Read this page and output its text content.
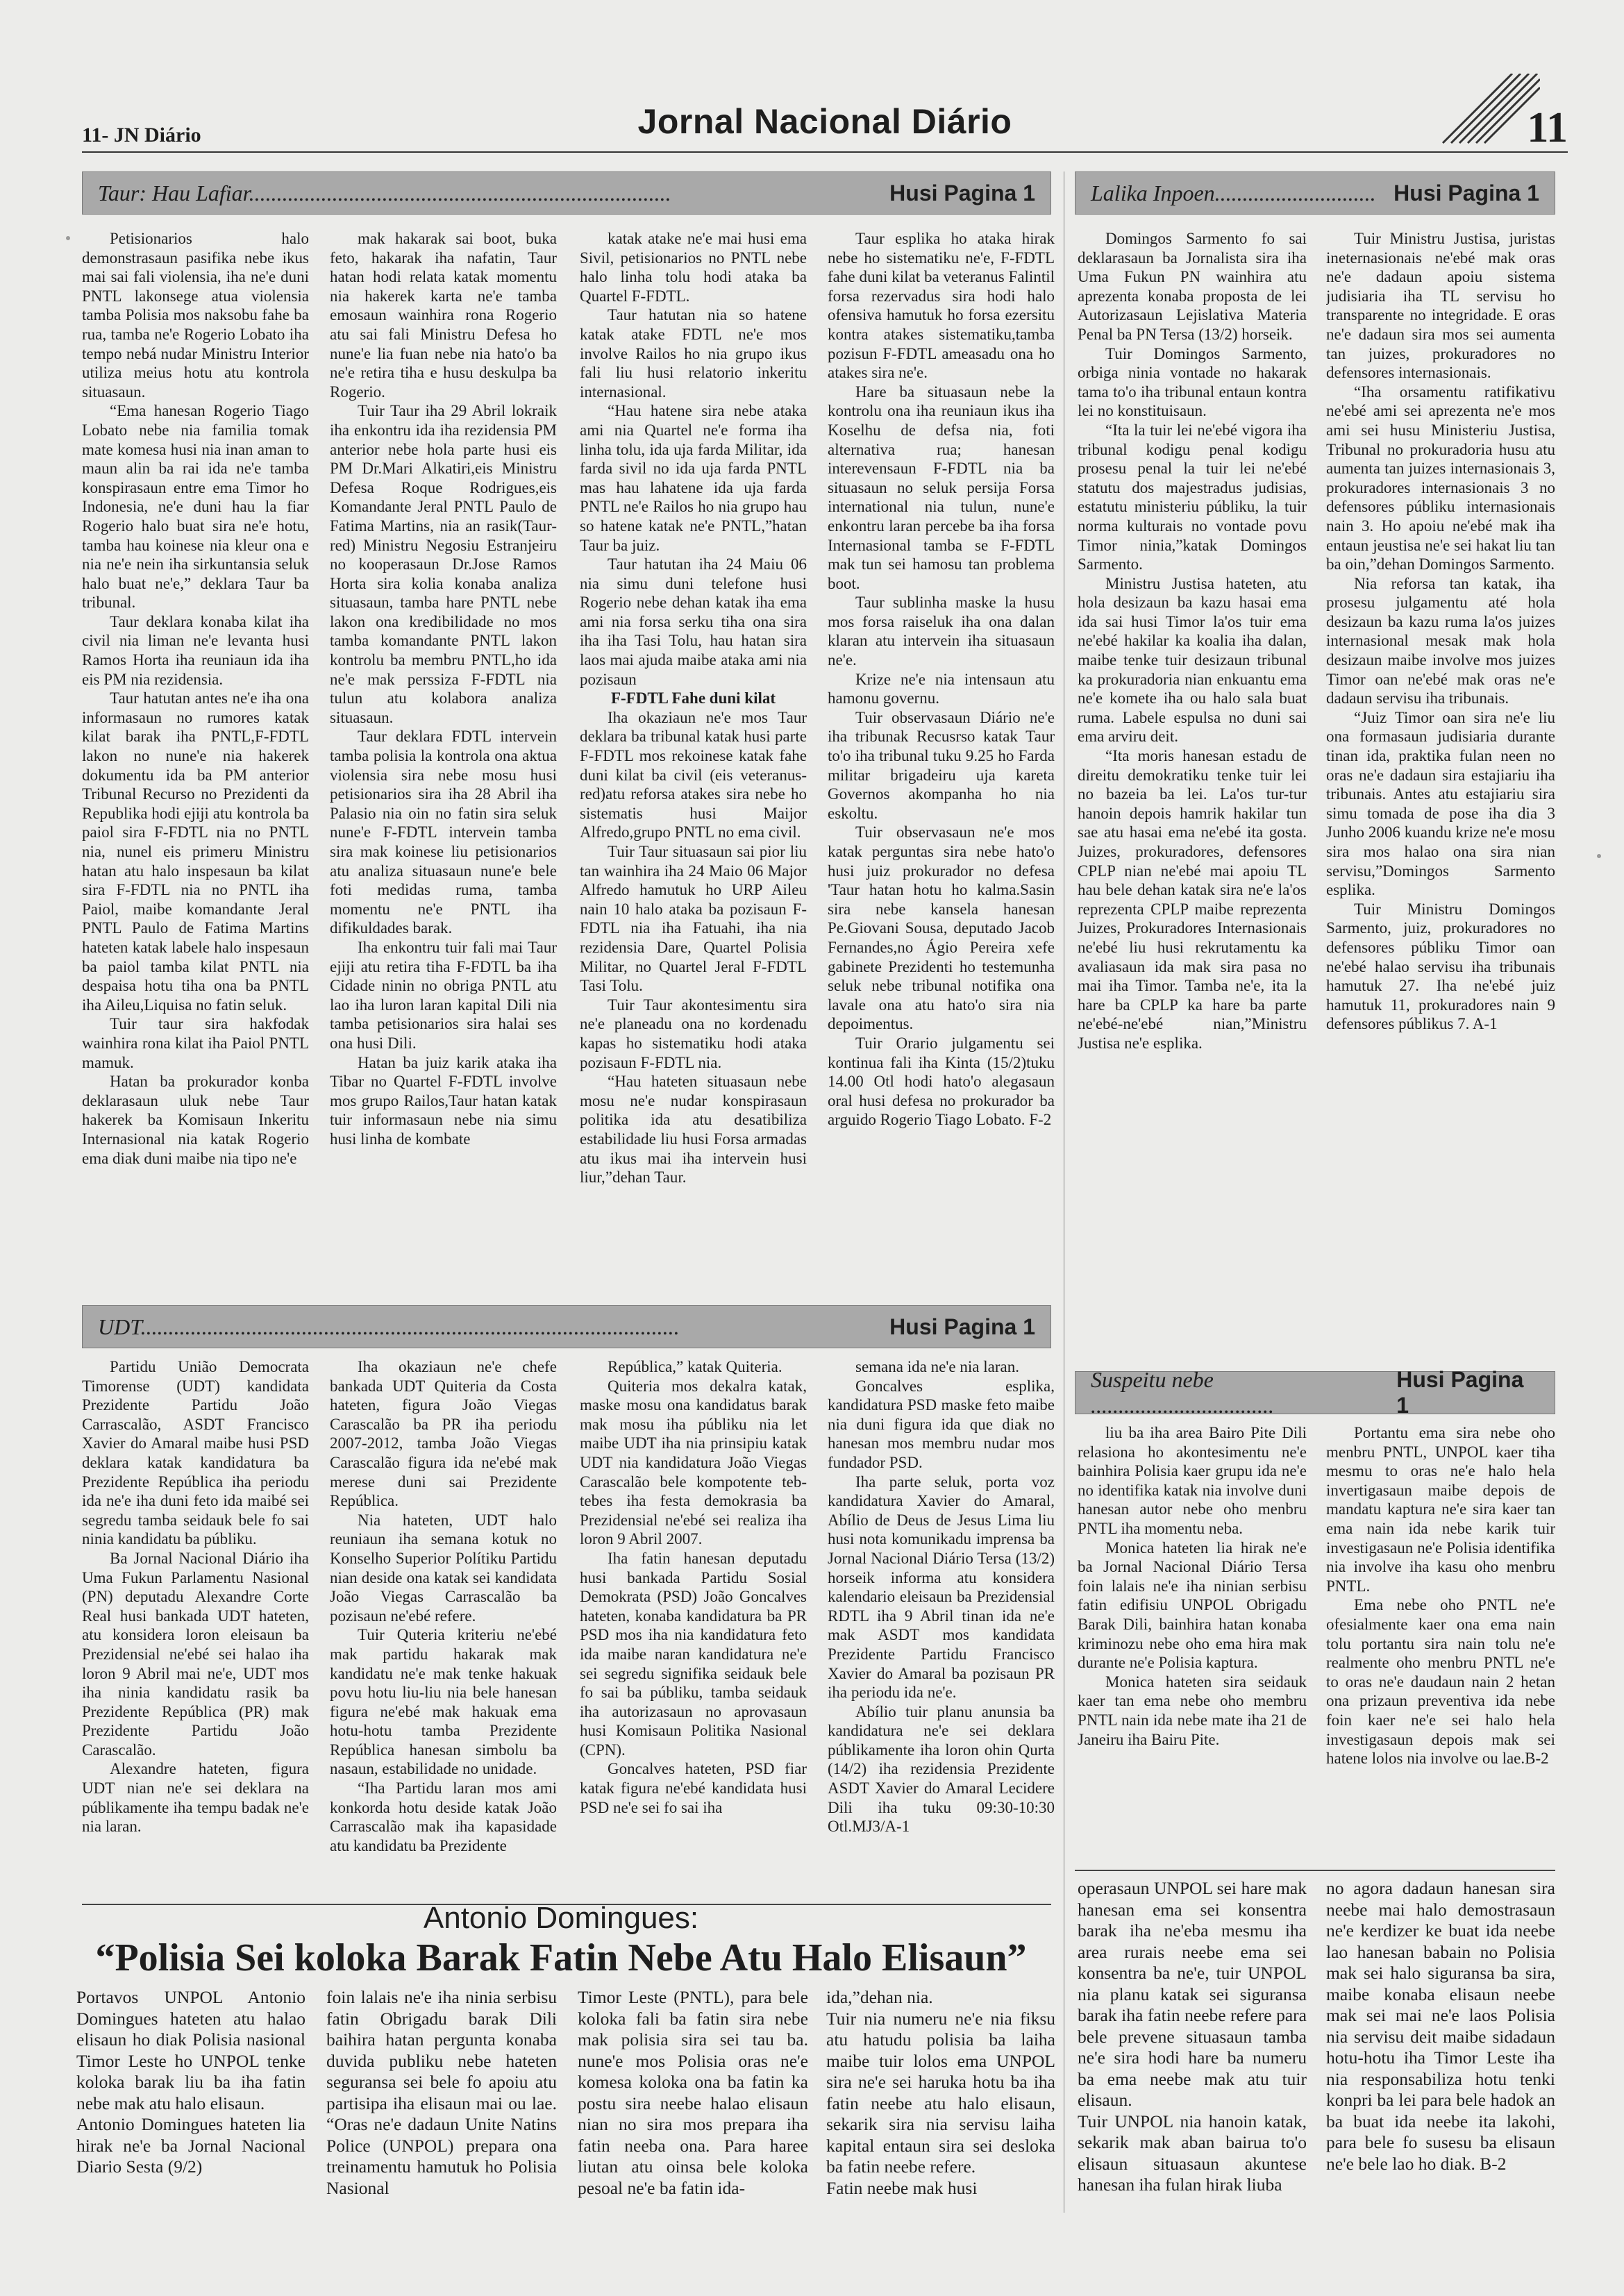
11- JN Diário	Jornal Nacional Diário	11
Taur: Hau Lafiar............................................................................	Husi Pagina 1

Petisionarios halo demonstrasaun pasifika nebe ikus mai sai fali violensia, iha ne'e duni PNTL lakonsege atua violensia tamba Polisia mos naksobu fahe ba rua, tamba ne'e Rogerio Lobato iha tempo nebá nudar Ministru Interior utiliza meius hotu atu kontrola situasaun.

“Ema hanesan Rogerio Tiago Lobato nebe nia familia tomak mate komesa husi nia inan aman to maun alin ba rai ida ne'e tamba konspirasaun entre ema Timor ho Indonesia, ne'e duni hau la fiar Rogerio halo buat sira ne'e hotu, tamba hau koinese nia kleur ona e nia ne'e nein iha sirkuntansia seluk halo buat ne'e,” deklara Taur ba tribunal.

Taur deklara konaba kilat iha civil nia liman ne'e levanta husi Ramos Horta iha reuniaun ida iha eis PM nia rezidensia.

Taur hatutan antes ne'e iha ona informasaun no rumores katak kilat barak iha PNTL,F-FDTL lakon no nune'e nia hakerek dokumentu ida ba PM anterior Tribunal Recurso no Prezidenti da Republika hodi ejiji atu kontrola ba paiol sira F-FDTL nia no PNTL nia, nunel eis primeru Ministru hatan atu halo inspesaun ba kilat sira F-FDTL nia no PNTL iha Paiol, maibe komandante Jeral PNTL Paulo de Fatima Martins hateten katak labele halo inspesaun ba paiol tamba kilat PNTL nia despaisa hotu tiha ona ba PNTL iha Aileu,Liquisa no fatin seluk.

Tuir taur sira hakfodak wainhira rona kilat iha Paiol PNTL mamuk.

Hatan ba prokurador konba deklarasaun uluk nebe Taur hakerek ba Komisaun Inkeritu Internasional nia katak Rogerio ema diak duni maibe nia tipo ne'e

mak hakarak sai boot, buka feto, hakarak iha nafatin, Taur hatan hodi relata katak momentu nia hakerek karta ne'e tamba emosaun wainhira rona Rogerio atu sai fali Ministru Defesa ho nune'e lia fuan nebe nia hato'o ba ne'e retira tiha e husu deskulpa ba Rogerio.

Tuir Taur iha 29 Abril lokraik iha enkontru ida iha rezidensia PM anterior nebe hola parte husi eis PM Dr.Mari Alkatiri,eis Ministru Defesa Roque Rodrigues,eis Komandante Jeral PNTL Paulo de Fatima Martins, nia an rasik(Taur-red) Ministru Negosiu Estranjeiru no kooperasaun Dr.Jose Ramos Horta sira kolia konaba analiza situasaun, tamba hare PNTL nebe lakon ona kredibilidade no mos tamba komandante PNTL lakon kontrolu ba membru PNTL,ho ida ne'e mak perssiza F-FDTL nia tulun atu kolabora analiza situasaun.

Taur deklara FDTL intervein tamba polisia la kontrola ona aktua violensia sira nebe mosu husi petisionarios sira iha 28 Abril iha Palasio nia oin no fatin sira seluk nune'e F-FDTL intervein tamba sira mak koinese liu petisionarios atu analiza situasaun nune'e bele foti medidas ruma, tamba momentu ne'e PNTL iha difikuldades barak.

Iha enkontru tuir fali mai Taur ejiji atu retira tiha F-FDTL ba iha Cidade ninin no obriga PNTL atu lao iha luron laran kapital Dili nia tamba petisionarios sira halai ses ona husi Dili.

Hatan ba juiz karik ataka iha Tibar no Quartel F-FDTL involve mos grupo Railos,Taur hatan katak tuir informasaun nebe nia simu husi linha de kombate

katak atake ne'e mai husi ema Sivil, petisionarios no PNTL nebe halo linha tolu hodi ataka ba Quartel F-FDTL.

Taur hatutan nia so hatene katak atake FDTL ne'e mos involve Railos ho nia grupo ikus fali liu husi relatorio inkeritu internasional.

“Hau hatene sira nebe ataka ami nia Quartel ne'e forma iha linha tolu, ida uja farda Militar, ida farda sivil no ida uja farda PNTL mas hau lahatene ida uja farda PNTL ne'e Railos ho nia grupo hau so hatene katak ne'e PNTL,”hatan Taur ba juiz.

Taur hatutan iha 24 Maiu 06 nia simu duni telefone husi Rogerio nebe dehan katak iha ema ami nia forsa serku tiha ona sira iha iha Tasi Tolu, hau hatan sira laos mai ajuda maibe ataka ami nia pozisaun

F-FDTL Fahe duni kilat

Iha okaziaun ne'e mos Taur deklara ba tribunal katak husi parte F-FDTL mos rekoinese katak fahe duni kilat ba civil (eis veteranus-red)atu reforsa atakes sira nebe ho sistematis husi Maijor Alfredo,grupo PNTL no ema civil.

Tuir Taur situasaun sai pior liu tan wainhira iha 24 Maio 06 Major Alfredo hamutuk ho URP Aileu nain 10 halo ataka ba pozisaun F-FDTL nia iha Fatuahi, iha nia rezidensia Dare, Quartel Polisia Militar, no Quartel Jeral F-FDTL Tasi Tolu.

Tuir Taur akontesimentu sira ne'e planeadu ona no kordenadu kapas ho sistematiku hodi ataka pozisaun F-FDTL nia.

“Hau hateten situasaun nebe mosu ne'e nudar konspirasaun politika ida atu desatibiliza estabilidade liu husi Forsa armadas atu ikus mai iha intervein husi liur,”dehan Taur.

Taur esplika ho ataka hirak nebe ho sistematiku ne'e, F-FDTL fahe duni kilat ba veteranus Falintil forsa rezervadus sira hodi halo ofensiva hamutuk ho forsa ezersitu kontra atakes sistematiku,tamba pozisun F-FDTL ameasadu ona ho atakes sira ne'e.

Hare ba situasaun nebe la kontrolu ona iha reuniaun ikus iha Koselhu de defsa nia, foti alternativa rua; hanesan interevensaun F-FDTL nia ba situasaun no seluk persija Forsa international nia tulun, nune'e enkontru laran percebe ba iha forsa Internasional tamba se F-FDTL mak tun sei hamosu tan problema boot.

Taur sublinha maske la husu mos forsa raiseluk iha ona dalan klaran atu intervein iha situasaun ne'e.

Krize ne'e nia intensaun atu hamonu governu.

Tuir observasaun Diário ne'e iha tribunak Recusrso katak Taur to'o iha tribunal tuku 9.25 ho Farda militar brigadeiru uja kareta Governos akompanha ho nia eskoltu.

Tuir observasaun ne'e mos katak perguntas sira nebe hato'o husi juiz prokurador no defesa 'Taur hatan hotu ho kalma.Sasin sira nebe kansela hanesan Pe.Giovani Sousa, deputado Jacob Fernandes,no Ágio Pereira xefe gabinete Prezidenti ho testemunha seluk nebe tribunal notifika ona lavale ona atu hato'o sira nia depoimentus.

Tuir Orario julgamentu sei kontinua fali iha Kinta (15/2)tuku 14.00 Otl hodi hato'o alegasaun oral husi defesa no prokurador ba arguido Rogerio Tiago Lobato. F-2

Lalika Inpoen............................. Husi Pagina 1

Domingos Sarmento fo sai deklarasaun ba Jornalista sira iha Uma Fukun PN wainhira atu aprezenta konaba proposta de lei Autorizasaun Lejislativa Materia Penal ba PN Tersa (13/2) horseik.

Tuir Domingos Sarmento, orbiga ninia vontade no hakarak tama to'o iha tribunal entaun kontra lei no konstituisaun.

“Ita la tuir lei ne'ebé vigora iha tribunal kodigu penal kodigu prosesu penal la tuir lei ne'ebé statutu dos majestradus judisias, estatutu ministeriu públiku, la tuir norma kulturais no vontade povu Timor ninia,”katak Domingos Sarmento.

Ministru Justisa hateten, atu hola desizaun ba kazu hasai ema ida sai husi Timor la'os tuir ema ne'ebé hakilar ka koalia iha dalan, maibe tenke tuir desizaun tribunal ka prokuradoria nian enkuantu ema ne'e komete iha ou halo sala buat ruma. Labele espulsa no duni sai ema arviru deit.

“Ita moris hanesan estadu de direitu demokratiku tenke tuir lei no bazeia ba lei. La'os tur-tur hanoin depois hamrik hakilar tun sae atu hasai ema ne'ebé ita gosta. Juizes, prokuradores, defensores CPLP nian ne'ebé mai apoiu TL hau bele dehan katak sira ne'e la'os reprezenta CPLP maibe reprezenta Juizes, Prokuradores Internasionais ne'ebé liu husi rekrutamentu ka avaliasaun ida mak sira pasa no mai iha Timor. Tamba ne'e, ita la hare ba CPLP ka hare ba parte ne'ebé-ne'ebé nian,”Ministru Justisa ne'e esplika.

Tuir Ministru Justisa, juristas ineternasionais ne'ebé mak oras ne'e dadaun apoiu sistema judisiaria iha TL servisu ho transparente no integridade. E oras ne'e dadaun sira mos sei aumenta tan juizes, prokuradores no defensores internasionais.

“Iha orsamentu ratifikativu ne'ebé ami sei aprezenta ne'e mos ami sei husu Ministeriu Justisa, Tribunal no prokuradoria husu atu aumenta tan juizes internasionais 3, prokuradores internasionais 3 no defensores públiku internasionais nain 3. Ho apoiu ne'ebé mak iha entaun jeustisa ne'e sei hakat liu tan ba oin,”dehan Domingos Sarmento.

Nia reforsa tan katak, iha prosesu julgamentu até hola desizaun ba kazu ruma la'os juizes internasional mesak mak hola desizaun maibe involve mos juizes Timor oan ne'ebé mak oras ne'e dadaun servisu iha tribunais.

“Juiz Timor oan sira ne'e liu ona formasaun judisiaria durante tinan ida, praktika fulan neen no oras ne'e dadaun sira estajiariu iha tribunais. Antes atu estajiariu sira simu tomada de pose iha dia 3 Junho 2006 kuandu krize ne'e mosu sira mos halao ona sira nian servisu,”Domingos Sarmento esplika.

Tuir Ministru Domingos Sarmento, juiz, prokuradores no defensores públiku Timor oan ne'ebé halao servisu iha tribunais hamutuk 27. Iha ne'ebé juiz hamutuk 11, prokuradores nain 9 defensores públikus 7. A-1

UDT.................................................................................................	Husi Pagina 1

Partidu União Democrata Timorense (UDT) kandidata Prezidente Partidu João Carrascalão, ASDT Francisco Xavier do Amaral maibe husi PSD deklara katak kandidatura ba Prezidente República iha periodu ida ne'e iha duni feto ida maibé sei segredu tamba seidauk bele fo sai ninia kandidatu ba públiku.

Ba Jornal Nacional Diário iha Uma Fukun Parlamentu Nasional (PN) deputadu Alexandre Corte Real husi bankada UDT hateten, atu konsidera loron eleisaun ba Prezidensial ne'ebé sei halao iha loron 9 Abril mai ne'e, UDT mos iha ninia kandidatu rasik ba Prezidente República (PR) mak Prezidente Partidu João Carascalão.

Alexandre hateten, figura UDT nian ne'e sei deklara na públikamente iha tempu badak ne'e nia laran.

Iha okaziaun ne'e chefe bankada UDT Quiteria da Costa hateten, figura João Viegas Carascalão ba PR iha periodu 2007-2012, tamba João Viegas Carascalão figura ida ne'ebé mak merese duni sai Prezidente República.

Nia hateten, UDT halo reuniaun iha semana kotuk no Konselho Superior Polítiku Partidu nian deside ona katak sei kandidata João Viegas Carrascalão ba pozisaun ne'ebé refere.

Tuir Quteria kriteriu ne'ebé mak partidu hakarak mak kandidatu ne'e mak tenke hakuak povu hotu liu-liu nia bele hanesan figura ne'ebé mak hakuak ema hotu-hotu tamba Prezidente República hanesan simbolu ba nasaun, estabilidade no unidade.

“Iha Partidu laran mos ami konkorda hotu deside katak João Carrascalão mak iha kapasidade atu kandidatu ba Prezidente

República,” katak Quiteria.

Quiteria mos dekalra katak, maske mosu ona kandidatus barak mak mosu iha públiku nia let maibe UDT iha nia prinsipiu katak UDT nia kandidatura João Viegas Carascalão bele kompotente teb-tebes iha festa demokrasia ba Prezidensial ne'ebé sei realiza iha loron 9 Abril 2007.

Iha fatin hanesan deputadu husi bankada Partidu Sosial Demokrata (PSD) João Goncalves hateten, konaba kandidatura ba PR PSD mos iha nia kandidatura feto ida maibe naran kandidatura ne'e sei segredu signifika seidauk bele fo sai ba públiku, tamba seidauk iha autorizasaun no aprovasaun husi Komisaun Politika Nasional (CPN).

Goncalves hateten, PSD fiar katak figura ne'ebé kandidata husi PSD ne'e sei fo sai iha

semana ida ne'e nia laran.

Goncalves esplika, kandidatura PSD maske feto maibe nia duni figura ida que diak no hanesan mos membru nudar mos fundador PSD.

Iha parte seluk, porta voz kandidatura Xavier do Amaral, Abílio de Deus de Jesus Lima liu husi nota komunikadu imprensa ba Jornal Nacional Diário Tersa (13/2) horseik informa atu konsidera kalendario eleisaun ba Prezidensial RDTL iha 9 Abril tinan ida ne'e mak ASDT mos kandidata Prezidente Partidu Francisco Xavier do Amaral ba pozisaun PR iha periodu ida ne'e.

Abílio tuir planu anunsia ba kandidatura ne'e sei deklara públikamente iha loron ohin Qurta (14/2) iha rezidensia Prezidente ASDT Xavier do Amaral Lecidere Dili iha tuku 09:30-10:30 Otl.MJ3/A-1

Suspeitu nebe .................................
Husi Pagina 1

liu ba iha area Bairo Pite Dili relasiona ho akontesimentu ne'e bainhira Polisia kaer grupu ida ne'e no identifika katak nia involve duni hanesan autor nebe oho menbru PNTL iha momentu neba.

Monica hateten lia hirak ne'e ba Jornal Nacional Diário Tersa foin lalais ne'e iha ninian serbisu fatin edifisiu UNPOL Obrigadu Barak Dili, bainhira hatan konaba kriminozu nebe oho ema hira mak durante ne'e Polisia kaptura.

Monica hateten sira seidauk kaer tan ema nebe oho membru PNTL nain ida nebe mate iha 21 de Janeiru iha Bairu Pite.

Portantu ema sira nebe oho menbru PNTL, UNPOL kaer tiha mesmu to oras ne'e halo hela invertigasaun maibe depois de mandatu kaptura ne'e sira kaer tan ema nain ida nebe karik tuir investigasaun ne'e Polisia identifika nia involve iha kasu oho menbru PNTL.

Ema nebe oho PNTL ne'e ofesialmente kaer ona ema nain tolu portantu sira nain tolu ne'e realmente oho menbru PNTL ne'e to oras ne'e daudaun nain 2 hetan ona prizaun preventiva ida nebe foin kaer ne'e sei halo hela investigasaun depois mak sei hatene lolos nia involve ou lae.B-2

Antonio Domingues:
“Polisia Sei koloka Barak Fatin Nebe Atu Halo Elisaun”

Portavos UNPOL Antonio Domingues hateten atu halao elisaun ho diak Polisia nasional Timor Leste ho UNPOL tenke koloka barak liu ba iha fatin nebe mak atu halo elisaun.

Antonio Domingues hateten lia hirak ne'e ba Jornal Nacional Diario Sesta (9/2)

foin lalais ne'e iha ninia serbisu fatin Obrigadu barak Dili baihira hatan pergunta konaba duvida publiku nebe hateten seguransa sei bele fo apoiu atu partisipa iha elisaun mai ou lae. “Oras ne'e dadaun Unite Natins Police (UNPOL) prepara ona treinamentu hamutuk ho Polisia Nasional

Timor Leste (PNTL), para bele koloka fali ba fatin sira nebe mak polisia sira sei tau ba. nune'e mos Polisia oras ne'e komesa koloka ona ba fatin ka postu sira neebe halao elisaun nian no sira mos prepara iha fatin neeba ona. Para haree liutan atu oinsa bele koloka pesoal ne'e ba fatin ida-

ida,”dehan nia.

Tuir nia numeru ne'e nia fiksu atu hatudu polisia ba laiha maibe tuir lolos ema UNPOL sira ne'e sei haruka hotu ba iha fatin neebe atu halo elisaun, sekarik sira nia servisu laiha kapital entaun sira sei desloka ba fatin neebe refere.

Fatin neebe mak husi

operasaun UNPOL sei hare mak hanesan ema sei konsentra barak iha ne'eba mesmu iha area rurais neebe ema sei konsentra ba ne'e, tuir UNPOL nia planu katak sei siguransa barak iha fatin neebe refere para bele prevene situasaun tamba ne'e sira hodi hare ba numeru ba ema neebe mak atu tuir elisaun.

Tuir UNPOL nia hanoin katak, sekarik mak aban bairua to'o elisaun situasaun akuntese hanesan iha fulan hirak liuba

no agora dadaun hanesan sira neebe mai halo demostrasaun ne'e kerdizer ke buat ida neebe lao hanesan babain no Polisia mak sei halo siguransa ba sira, maibe konaba elisaun neebe mak sei mai ne'e laos Polisia nia servisu deit maibe sidadaun hotu-hotu iha Timor Leste iha nia responsabiliza hotu tenki konpri ba lei para bele hadok an ba buat ida neebe ita lakohi, para bele fo susesu ba elisaun ne'e bele lao ho diak. B-2
